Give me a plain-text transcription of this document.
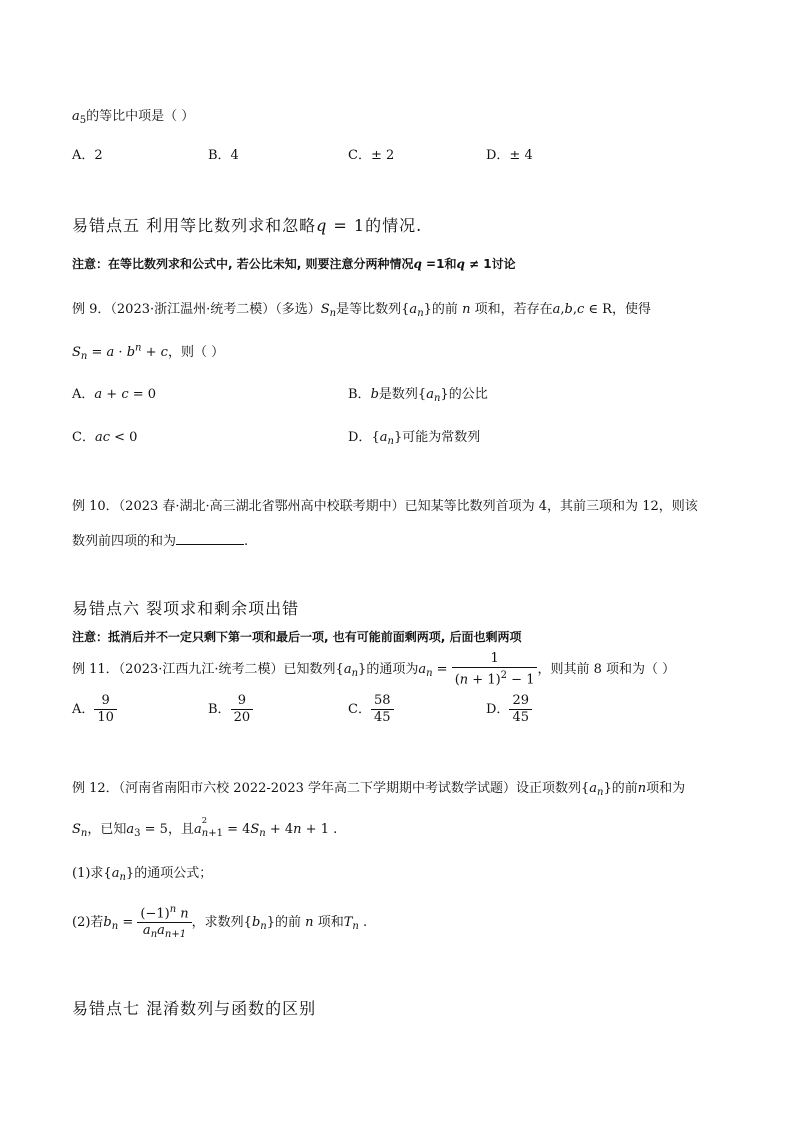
$a_5$的等比中项是（ ）
A．2	B．4	C．± 2	D．± 4
易错点五 利用等比数列求和忽略q = 1的情况.
注意：在等比数列求和公式中, 若公比未知, 则要注意分两种情况q =1和q ≠ 1讨论
例 9．（2023·浙江温州·统考二模）（多选）$S_n$是等比数列$\{a_n\}$的前 n 项和，若存在a,b,c ∈ R，使得
$S_n = a \cdot b^n + c$，则（ ）
A．a + c = 0	B．b是数列$\{a_n\}$的公比
C．ac < 0	D．$\{a_n\}$可能为常数列
例 10．（2023 春·湖北·高三湖北省鄂州高中校联考期中）已知某等比数列首项为 4，其前三项和为 12，则该
数列前四项的和为	.
易错点六 裂项求和剩余项出错
注意：抵消后并不一定只剩下第一项和最后一项, 也有可能前面剩两项, 后面也剩两项
例 11．（2023·江西九江·统考二模）已知数列$\{a_n\}$的通项为$a_n = \frac{1}{(n + 1)^2 - 1}$ ，则其前 8 项和为（ ）
A． $\frac{9}{10}$	B． $\frac{9}{20}$	C． $\frac{58}{45}$	D． $\frac{29}{45}$
例 12．（河南省南阳市六校 2022-2023 学年高二下学期期中考试数学试题）设正项数列$\{a_n\}$的前n项和为
$S_n$，已知$a_3 = 5$，且a
2
$n+1 = 4S_n + 4n + 1$ .
(1)求$\{a_n\}$的通项公式；
(2)若$b_n = \frac{(-1)^n n}{a_na_{n+1}}$ ，求数列$\{b_n\}$的前 n 项和$T_n$ .
易错点七 混淆数列与函数的区别
